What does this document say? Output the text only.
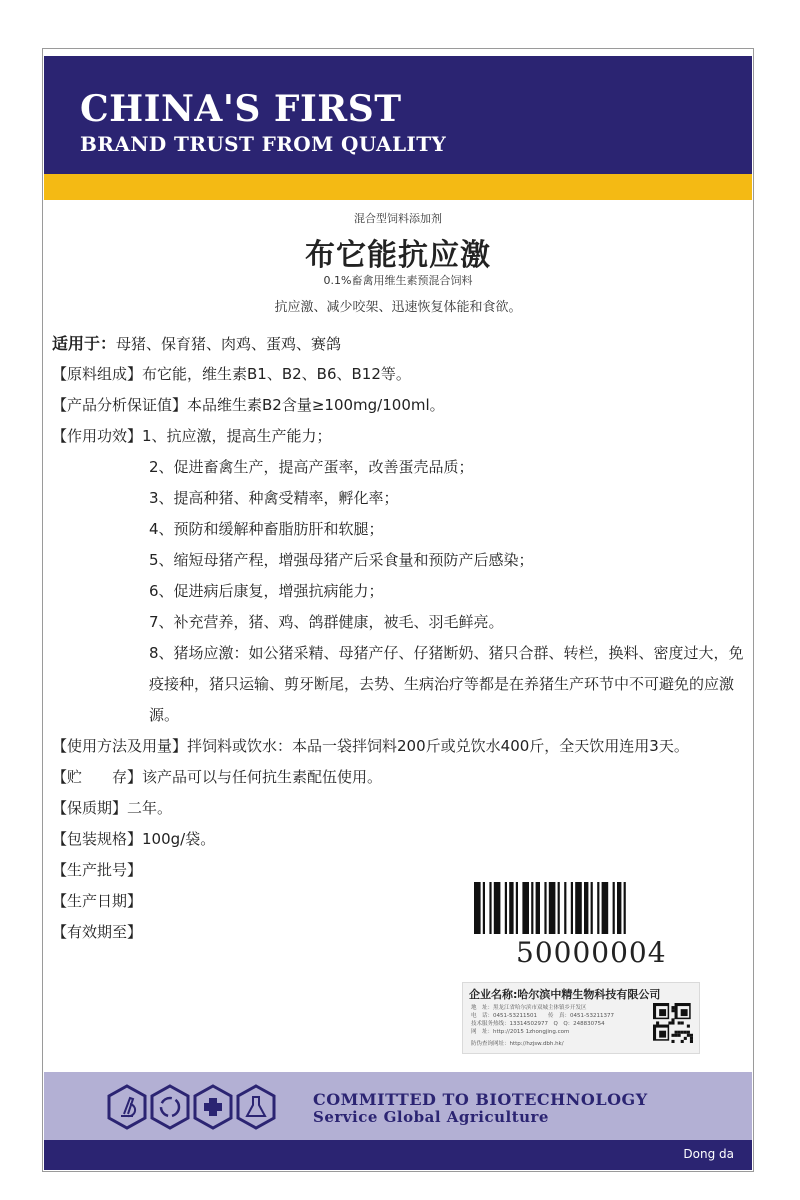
CHINA'S FIRST
BRAND TRUST FROM QUALITY
混合型饲料添加剂
布它能抗应激
0.1%畜禽用维生素预混合饲料
抗应激、减少咬架、迅速恢复体能和食欲。
适用于：母猪、保育猪、肉鸡、蛋鸡、赛鸽
【原料组成】布它能，维生素B1、B2、B6、B12等。
【产品分析保证值】本品维生素B2含量≥100mg/100ml。
【作用功效】1、抗应激，提高生产能力；
2、促进畜禽生产，提高产蛋率，改善蛋壳品质；
3、提高种猪、种禽受精率，孵化率；
4、预防和缓解种畜脂肪肝和软腿；
5、缩短母猪产程，增强母猪产后采食量和预防产后感染；
6、促进病后康复，增强抗病能力；
7、补充营养，猪、鸡、鸽群健康，被毛、羽毛鲜亮。
8、猪场应激：如公猪采精、母猪产仔、仔猪断奶、猪只合群、转栏，换料、密度过大，免疫接种，猪只运输、剪牙断尾，去势、生病治疗等都是在养猪生产环节中不可避免的应激源。
【使用方法及用量】拌饲料或饮水：本品一袋拌饲料200斤或兑饮水400斤，全天饮用连用3天。
【贮　　存】该产品可以与任何抗生素配伍使用。
【保质期】二年。
【包装规格】100g/袋。
【生产批号】
【生产日期】
【有效期至】
50000004
企业名称:哈尔滨中精生物科技有限公司
地　址：黑龙江省哈尔滨市双城主体镇乡开发区
电　话：0451-53211501　　传　真：0451-53211377
技术服务热线：13314502977　Q　Q：248830754
网　址：http://2015 1zhongjing.com
防伪查询网址：http://hzjsw.dbh.hk/
COMMITTED TO BIOTECHNOLOGY
Service Global Agriculture
Dong da
